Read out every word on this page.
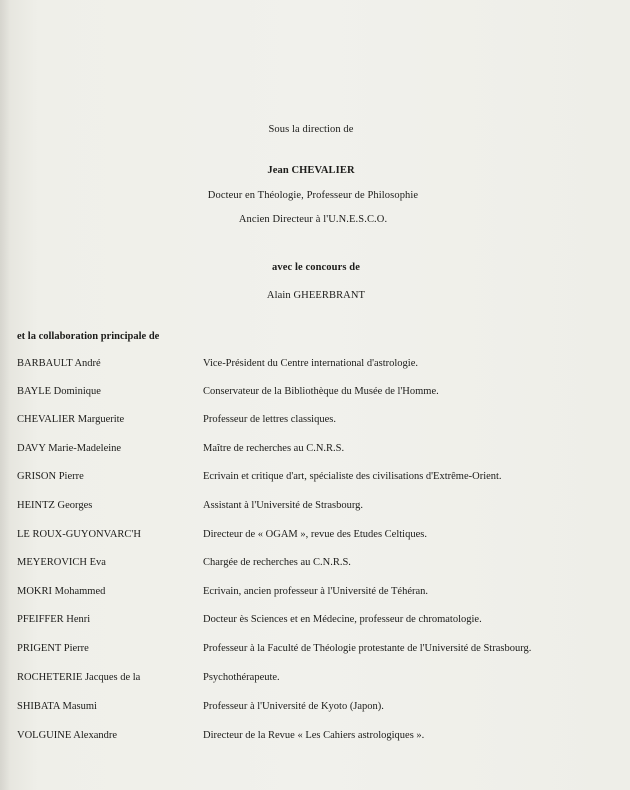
Sous la direction de
Jean CHEVALIER
Docteur en Théologie, Professeur de Philosophie
Ancien Directeur à l'U.N.E.S.C.O.
avec le concours de
Alain GHEERBRANT
et la collaboration principale de
BARBAULT André	Vice-Président du Centre international d'astrologie.
BAYLE Dominique	Conservateur de la Bibliothèque du Musée de l'Homme.
CHEVALIER Marguerite	Professeur de lettres classiques.
DAVY Marie-Madeleine	Maître de recherches au C.N.R.S.
GRISON Pierre	Ecrivain et critique d'art, spécialiste des civilisations d'Extrême-Orient.
HEINTZ Georges	Assistant à l'Université de Strasbourg.
LE ROUX-GUYONVARC'H	Directeur de « OGAM », revue des Etudes Celtiques.
MEYEROVICH Eva	Chargée de recherches au C.N.R.S.
MOKRI Mohammed	Ecrivain, ancien professeur à l'Université de Téhéran.
PFEIFFER Henri	Docteur ès Sciences et en Médecine, professeur de chromatologie.
PRIGENT Pierre	Professeur à la Faculté de Théologie protestante de l'Université de Strasbourg.
ROCHETERIE Jacques de la	Psychothérapeute.
SHIBATA Masumi	Professeur à l'Université de Kyoto (Japon).
VOLGUINE Alexandre	Directeur de la Revue « Les Cahiers astrologiques ».
